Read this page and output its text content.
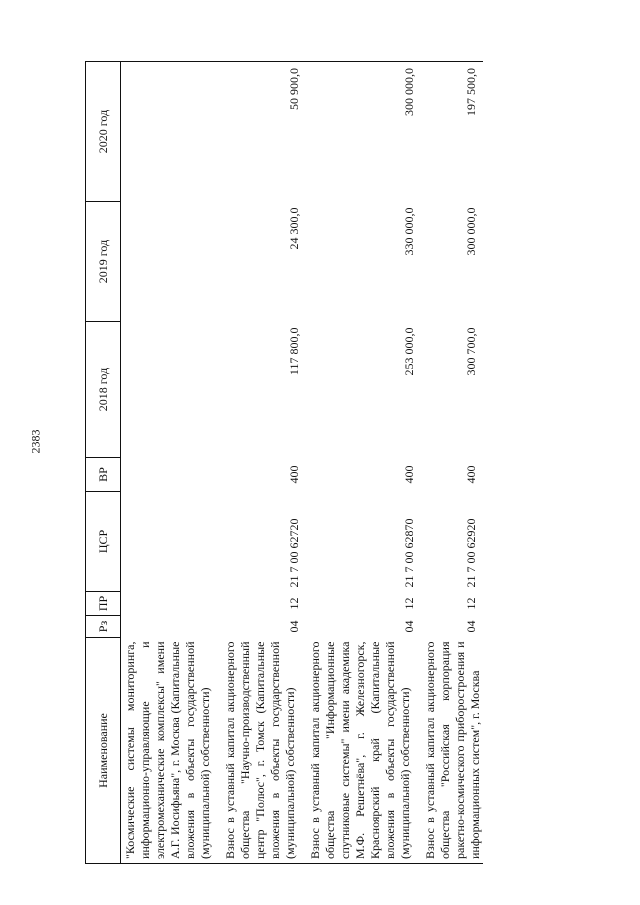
2383
Наименование	Рз	ПР	ЦСР	ВР	2018 год	2019 год	2020 год
"Космические системы мониторинга, информационно-управляющие и электромеханические комплексы" имени А.Г. Иосифьяна", г. Москва (Капитальные вложения в объекты государственной (муниципальной) собственности)							
Взнос в уставный капитал акционерного общества "Научно-производственный центр "Полюс", г. Томск (Капитальные вложения в объекты государственной (муниципальной) собственности)	04	12	21 7 00 62720	400	117 800,0	24 300,0	50 900,0
Взнос в уставный капитал акционерного общества "Информационные спутниковые системы" имени академика М.Ф. Решетнёва", г. Железногорск, Красноярский край (Капитальные вложения в объекты государственной (муниципальной) собственности)	04	12	21 7 00 62870	400	253 000,0	330 000,0	300 000,0
Взнос в уставный капитал акционерного общества "Российская корпорация ракетно-космического приборостроения и информационных систем", г. Москва	04	12	21 7 00 62920	400	300 700,0	300 000,0	197 500,0
